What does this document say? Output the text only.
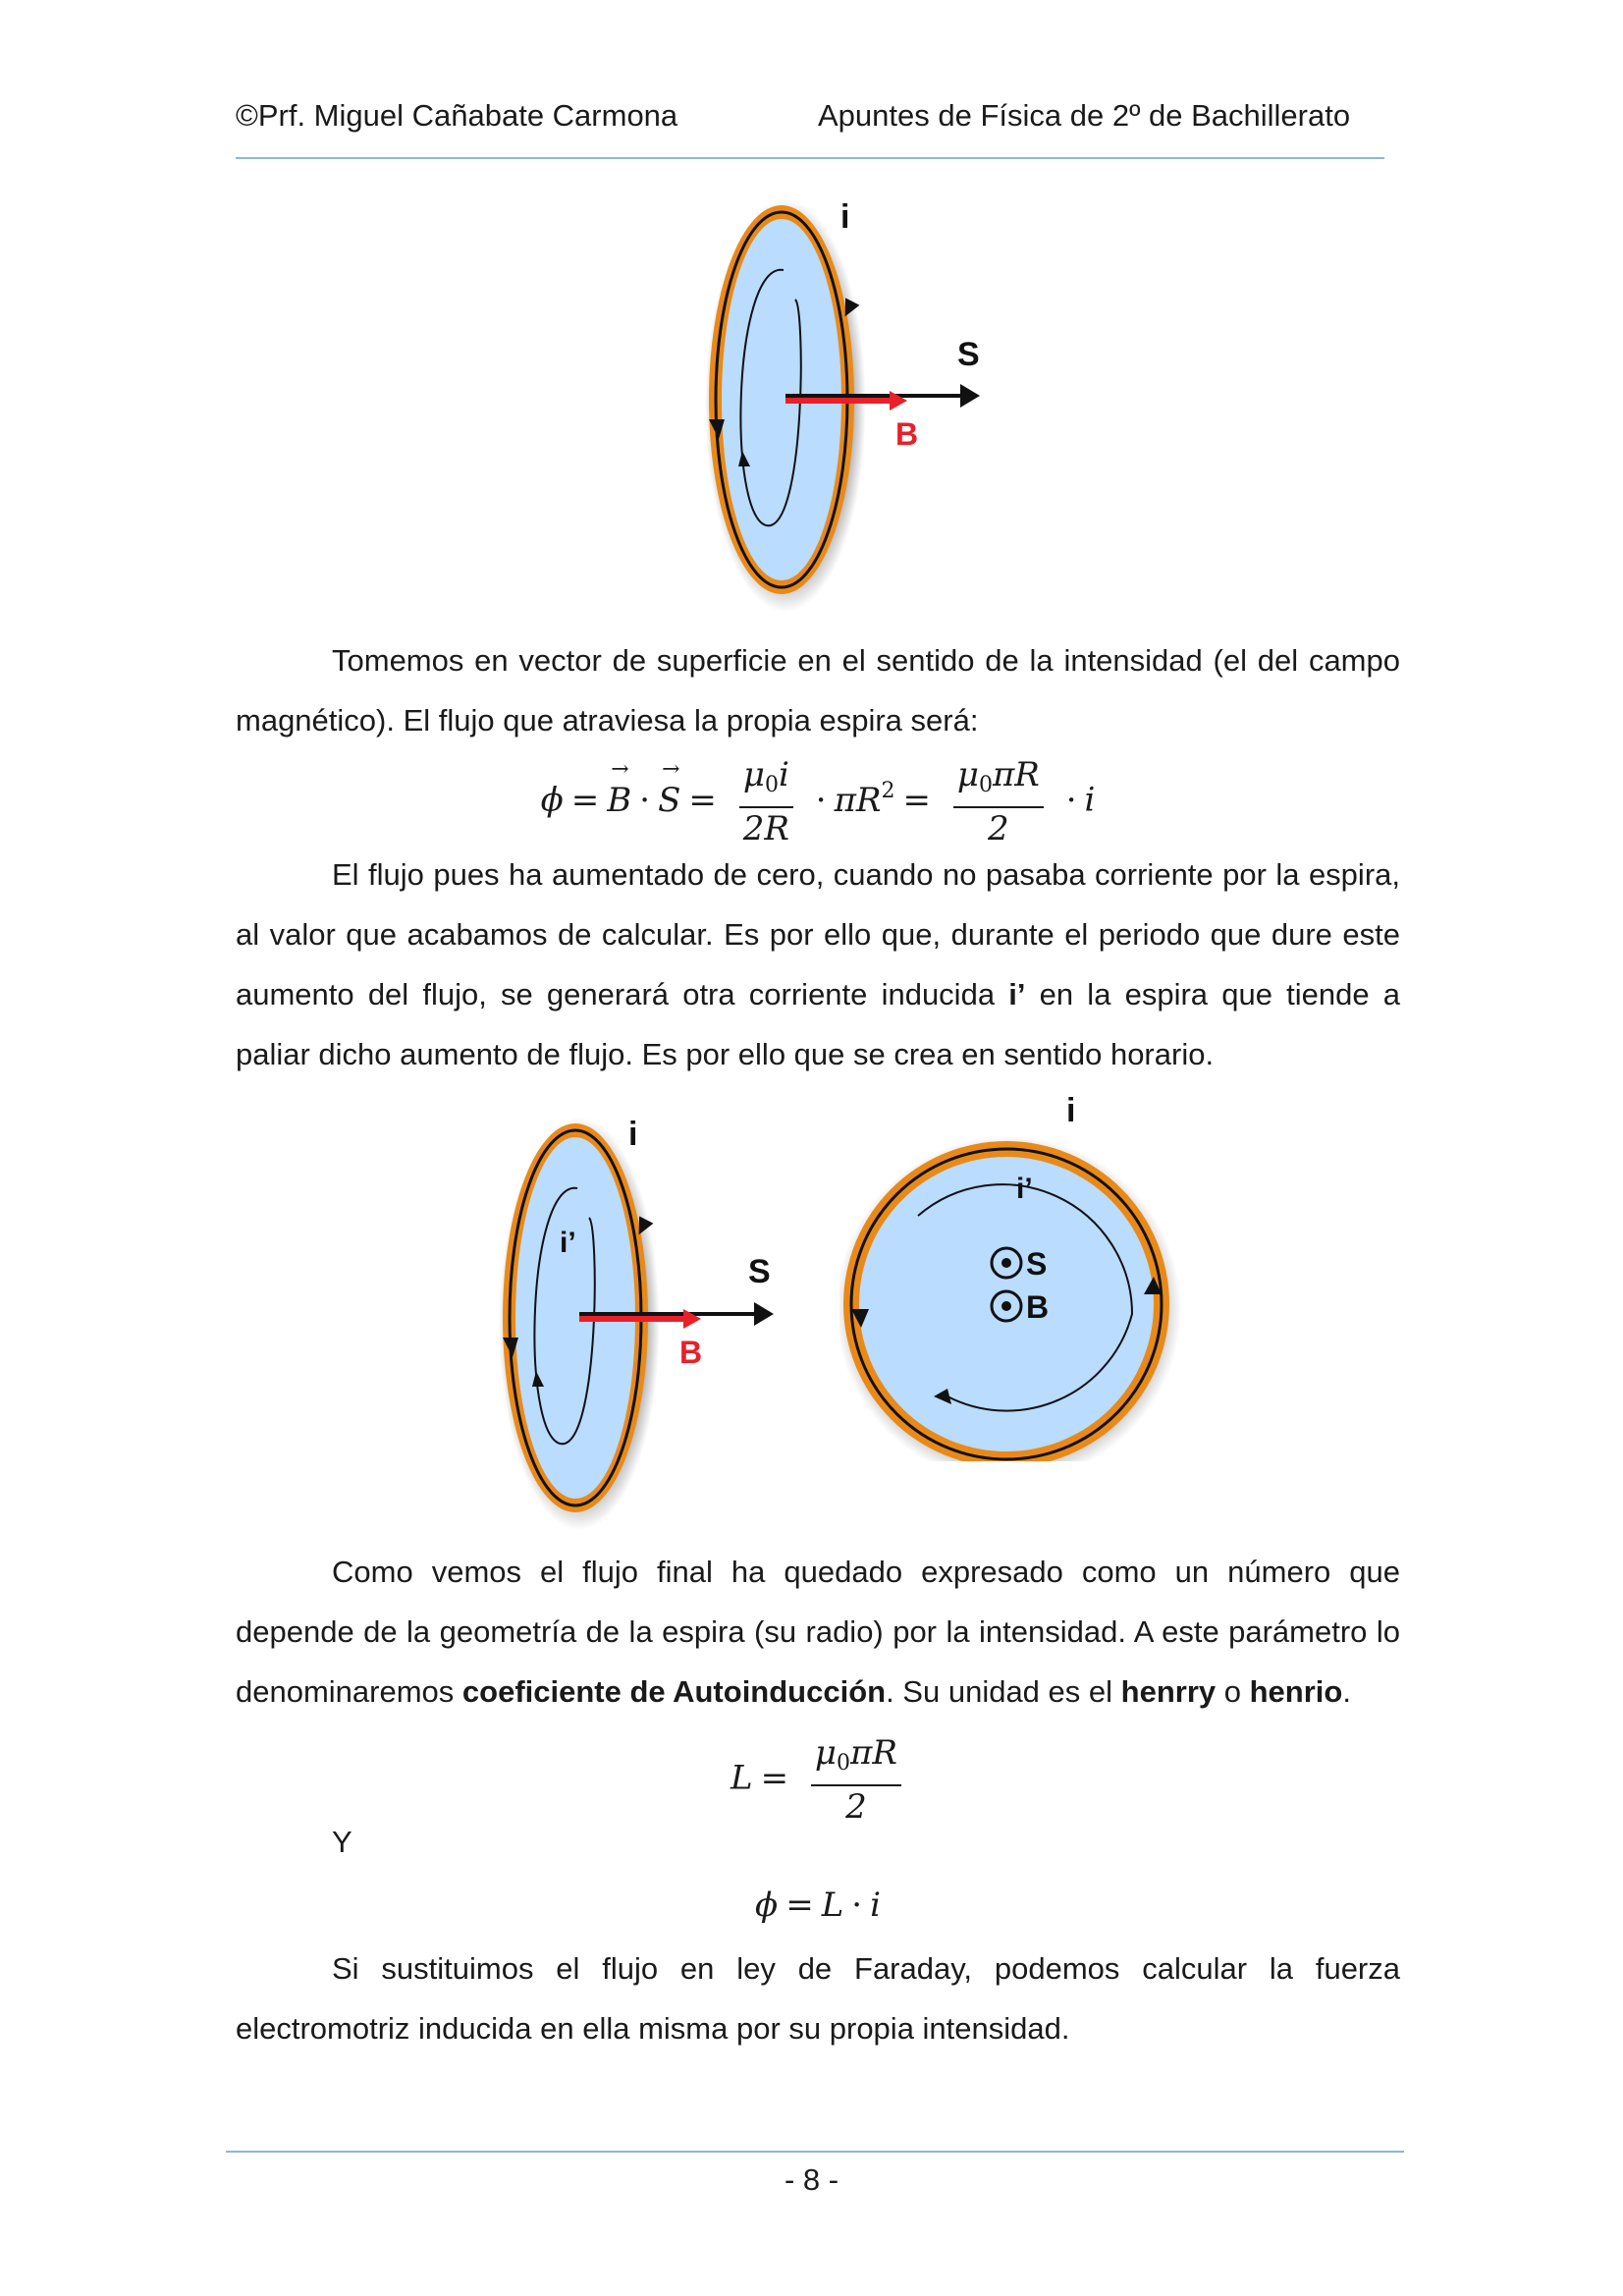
©Prf. Miguel Cañabate Carmona	Apuntes de Física de 2º de Bachillerato
i
S
B

Tomemos en vector de superficie en el sentido de la intensidad (el del campo magnético). El flujo que atraviesa la propia espira será:

$\phi =\to B \cdot\to S = \frac{\mu_0i}{2R} \cdot \pi R^2 = \frac{\mu_0\pi R}{2} \cdot i$

El flujo pues ha aumentado de cero, cuando no pasaba corriente por la espira, al valor que acabamos de calcular. Es por ello que, durante el periodo que dure este aumento del flujo, se generará otra corriente inducida i’ en la espira que tiende a paliar dicho aumento de flujo. Es por ello que se crea en sentido horario.

i
i’
S
B
i
i’
S
B

Como vemos el flujo final ha quedado expresado como un número que depende de la geometría de la espira (su radio) por la intensidad. A este parámetro lo denominaremos coeficiente de Autoinducción. Su unidad es el henrry o henrio.

$L = \frac{\mu_0\pi R}{2}$
Y
ϕ = L · i

Si sustituimos el flujo en ley de Faraday, podemos calcular la fuerza electromotriz inducida en ella misma por su propia intensidad.

- 8 -
